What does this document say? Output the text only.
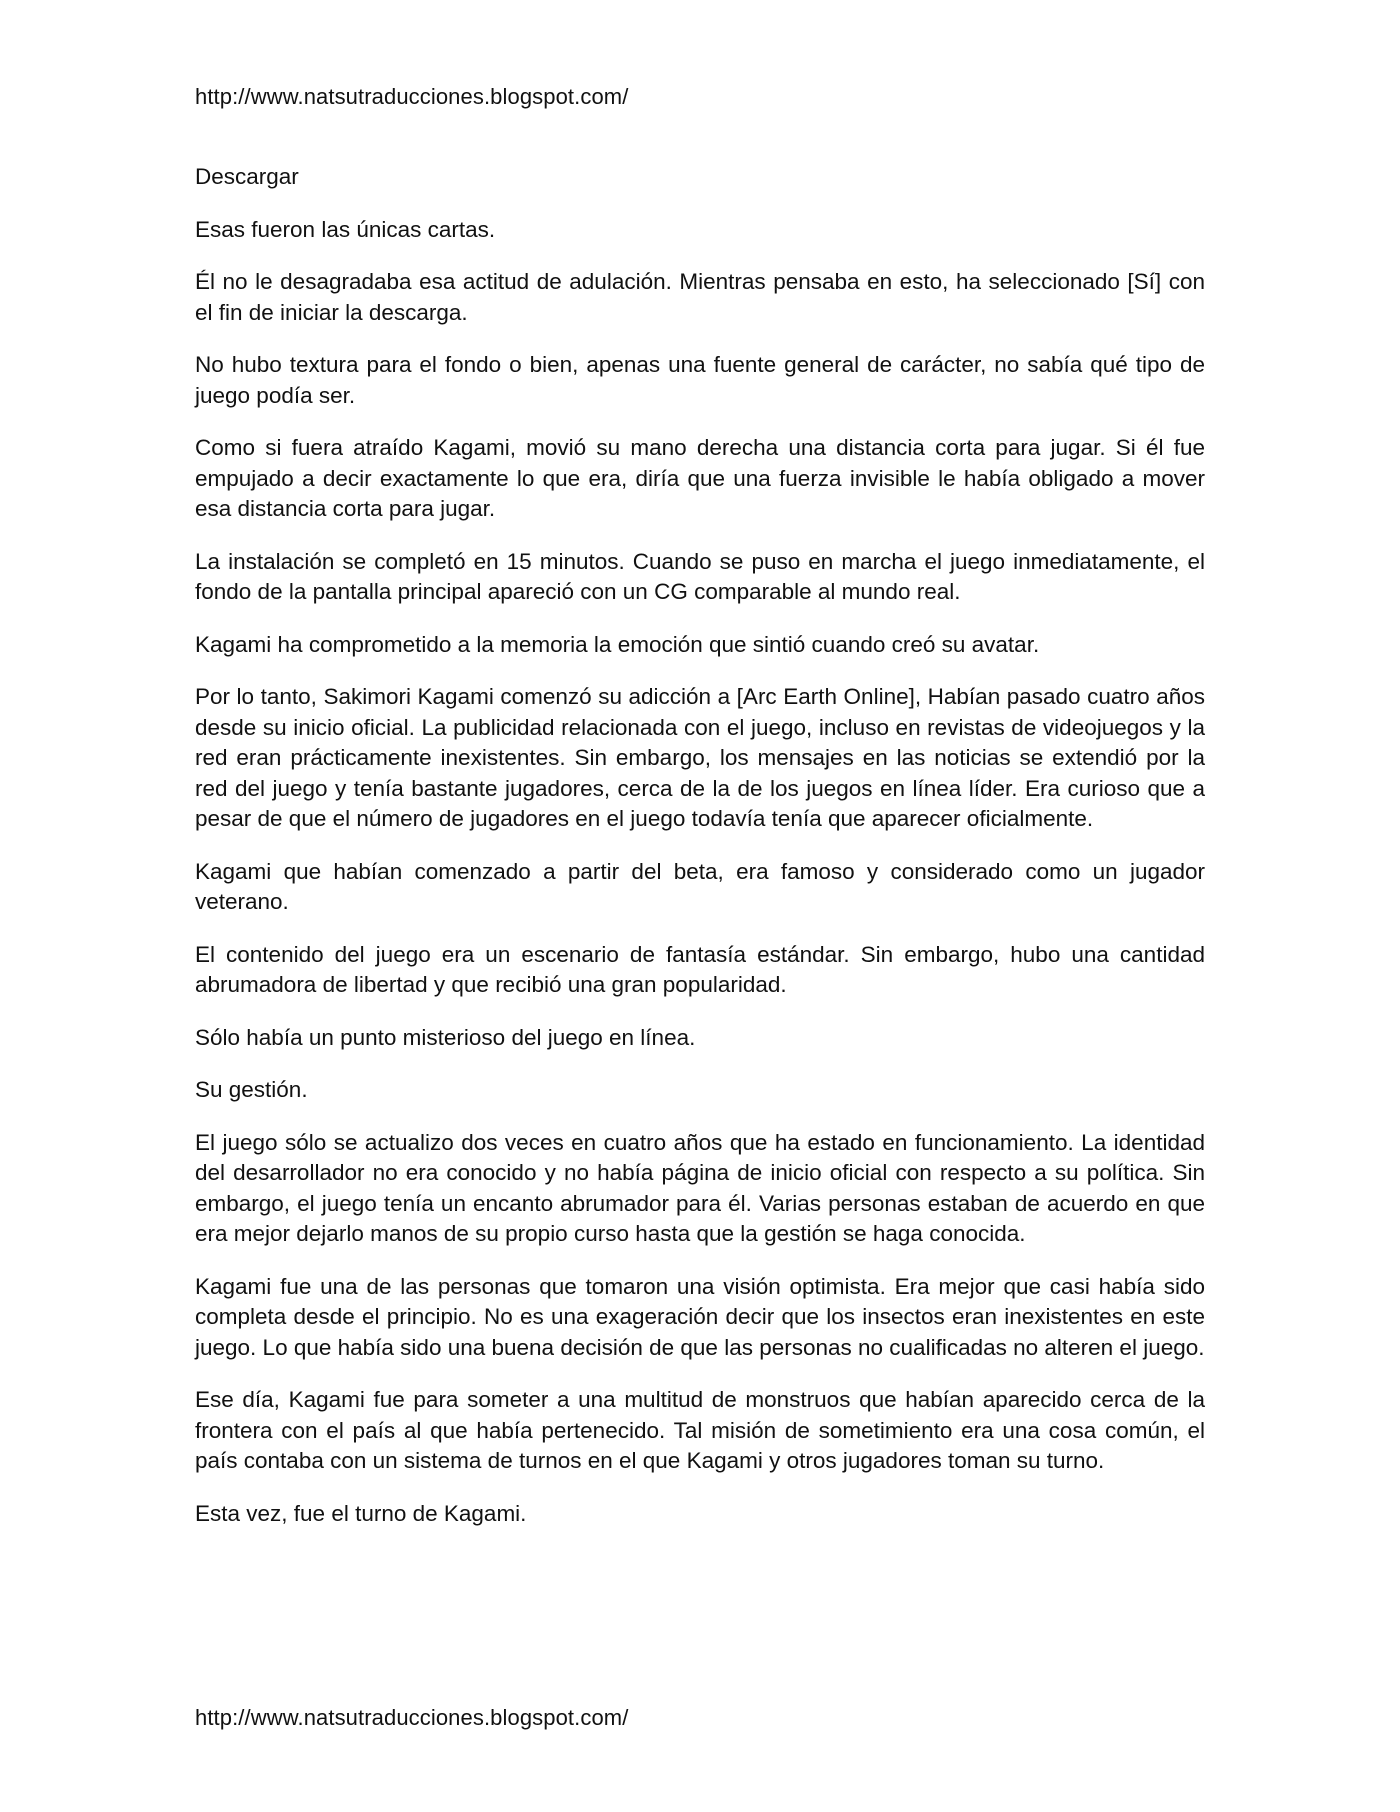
http://www.natsutraducciones.blogspot.com/

Descargar

Esas fueron las únicas cartas.

Él no le desagradaba esa actitud de adulación. Mientras pensaba en esto, ha seleccionado [Sí] con el fin de iniciar la descarga.

No hubo textura para el fondo o bien, apenas una fuente general de carácter, no sabía qué tipo de juego podía ser.

Como si fuera atraído Kagami, movió su mano derecha una distancia corta para jugar. Si él fue empujado a decir exactamente lo que era, diría que una fuerza invisible le había obligado a mover esa distancia corta para jugar.

La instalación se completó en 15 minutos. Cuando se puso en marcha el juego inmediatamente, el fondo de la pantalla principal apareció con un CG comparable al mundo real.

Kagami ha comprometido a la memoria la emoción que sintió cuando creó su avatar.

Por lo tanto, Sakimori Kagami comenzó su adicción a [Arc Earth Online], Habían pasado cuatro años desde su inicio oficial. La publicidad relacionada con el juego, incluso en revistas de videojuegos y la red eran prácticamente inexistentes. Sin embargo, los mensajes en las noticias se extendió por la red del juego y tenía bastante jugadores, cerca de la de los juegos en línea líder. Era curioso que a pesar de que el número de jugadores en el juego todavía tenía que aparecer oficialmente.

Kagami que habían comenzado a partir del beta, era famoso y considerado como un jugador veterano.

El contenido del juego era un escenario de fantasía estándar. Sin embargo, hubo una cantidad abrumadora de libertad y que recibió una gran popularidad.

Sólo había un punto misterioso del juego en línea.

Su gestión.

El juego sólo se actualizo dos veces en cuatro años que ha estado en funcionamiento. La identidad del desarrollador no era conocido y no había página de inicio oficial con respecto a su política. Sin embargo, el juego tenía un encanto abrumador para él. Varias personas estaban de acuerdo en que era mejor dejarlo manos de su propio curso hasta que la gestión se haga conocida.

Kagami fue una de las personas que tomaron una visión optimista. Era mejor que casi había sido completa desde el principio. No es una exageración decir que los insectos eran inexistentes en este juego. Lo que había sido una buena decisión de que las personas no cualificadas no alteren el juego.

Ese día, Kagami fue para someter a una multitud de monstruos que habían aparecido cerca de la frontera con el país al que había pertenecido. Tal misión de sometimiento era una cosa común, el país contaba con un sistema de turnos en el que Kagami y otros jugadores toman su turno.

Esta vez, fue el turno de Kagami.

http://www.natsutraducciones.blogspot.com/
